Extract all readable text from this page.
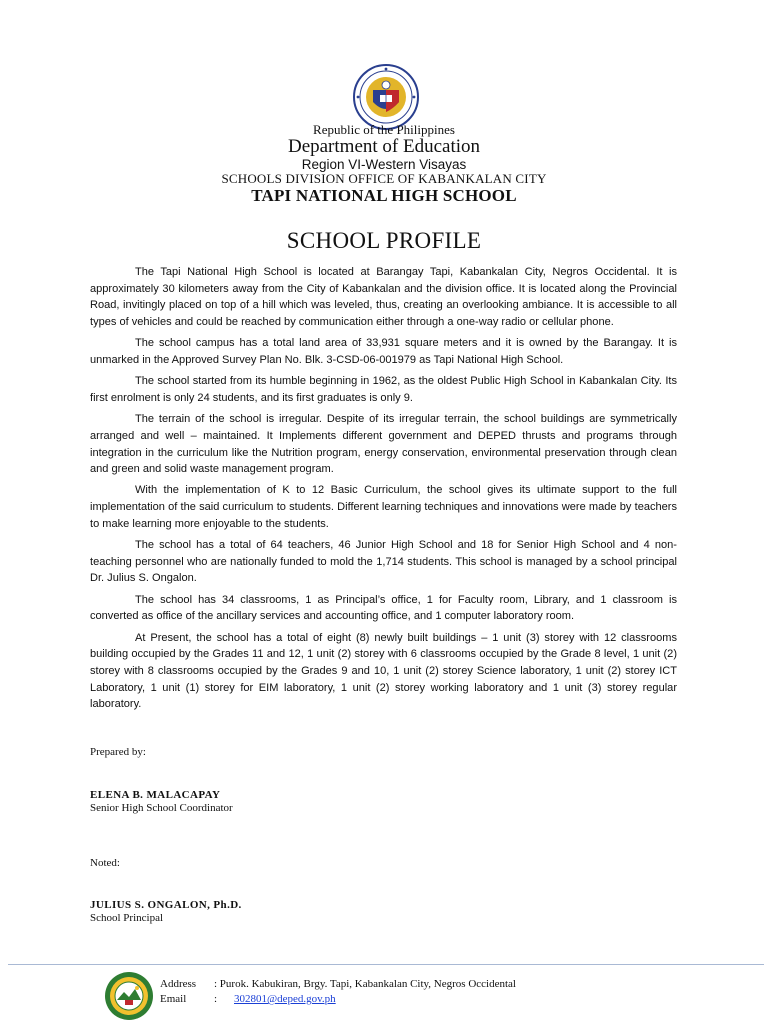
Republic of the Philippines
Department of Education
Region VI-Western Visayas
SCHOOLS DIVISION OFFICE OF KABANKALAN CITY
TAPI NATIONAL HIGH SCHOOL
SCHOOL PROFILE

The Tapi National High School is located at Barangay Tapi, Kabankalan City, Negros Occidental. It is approximately 30 kilometers away from the City of Kabankalan and the division office. It is located along the Provincial Road, invitingly placed on top of a hill which was leveled, thus, creating an overlooking ambiance. It is accessible to all types of vehicles and could be reached by communication either through a one-way radio or cellular phone.

The school campus has a total land area of 33,931 square meters and it is owned by the Barangay. It is unmarked in the Approved Survey Plan No. Blk. 3-CSD-06-001979 as Tapi National High School.

The school started from its humble beginning in 1962, as the oldest Public High School in Kabankalan City. Its first enrolment is only 24 students, and its first graduates is only 9.

The terrain of the school is irregular. Despite of its irregular terrain, the school buildings are symmetrically arranged and well – maintained. It Implements different government and DEPED thrusts and programs through integration in the curriculum like the Nutrition program, energy conservation, environmental preservation through clean and green and solid waste management program.

With the implementation of K to 12 Basic Curriculum, the school gives its ultimate support to the full implementation of the said curriculum to students. Different learning techniques and innovations were made by teachers to make learning more enjoyable to the students.

The school has a total of 64 teachers, 46 Junior High School and 18 for Senior High School and 4 non-teaching personnel who are nationally funded to mold the 1,714 students. This school is managed by a school principal Dr. Julius S. Ongalon.

The school has 34 classrooms, 1 as Principal’s office, 1 for Faculty room, Library, and 1 classroom is converted as office of the ancillary services and accounting office, and 1 computer laboratory room.

At Present, the school has a total of eight (8) newly built buildings – 1 unit (3) storey with 12 classrooms building occupied by the Grades 11 and 12, 1 unit (2) storey with 6 classrooms occupied by the Grade 8 level, 1 unit (2) storey with 8 classrooms occupied by the Grades 9 and 10, 1 unit (2) storey Science laboratory, 1 unit (2) storey ICT Laboratory, 1 unit (1) storey for EIM laboratory, 1 unit (2) storey working laboratory and 1 unit (3) storey regular laboratory.

Prepared by:
ELENA B. MALACAPAY
Senior High School Coordinator
Noted:
JULIUS S. ONGALON, Ph.D.
School Principal
Address : Purok. Kabukiran, Brgy. Tapi, Kabankalan City, Negros Occidental
Email	: 302801@deped.gov.ph
